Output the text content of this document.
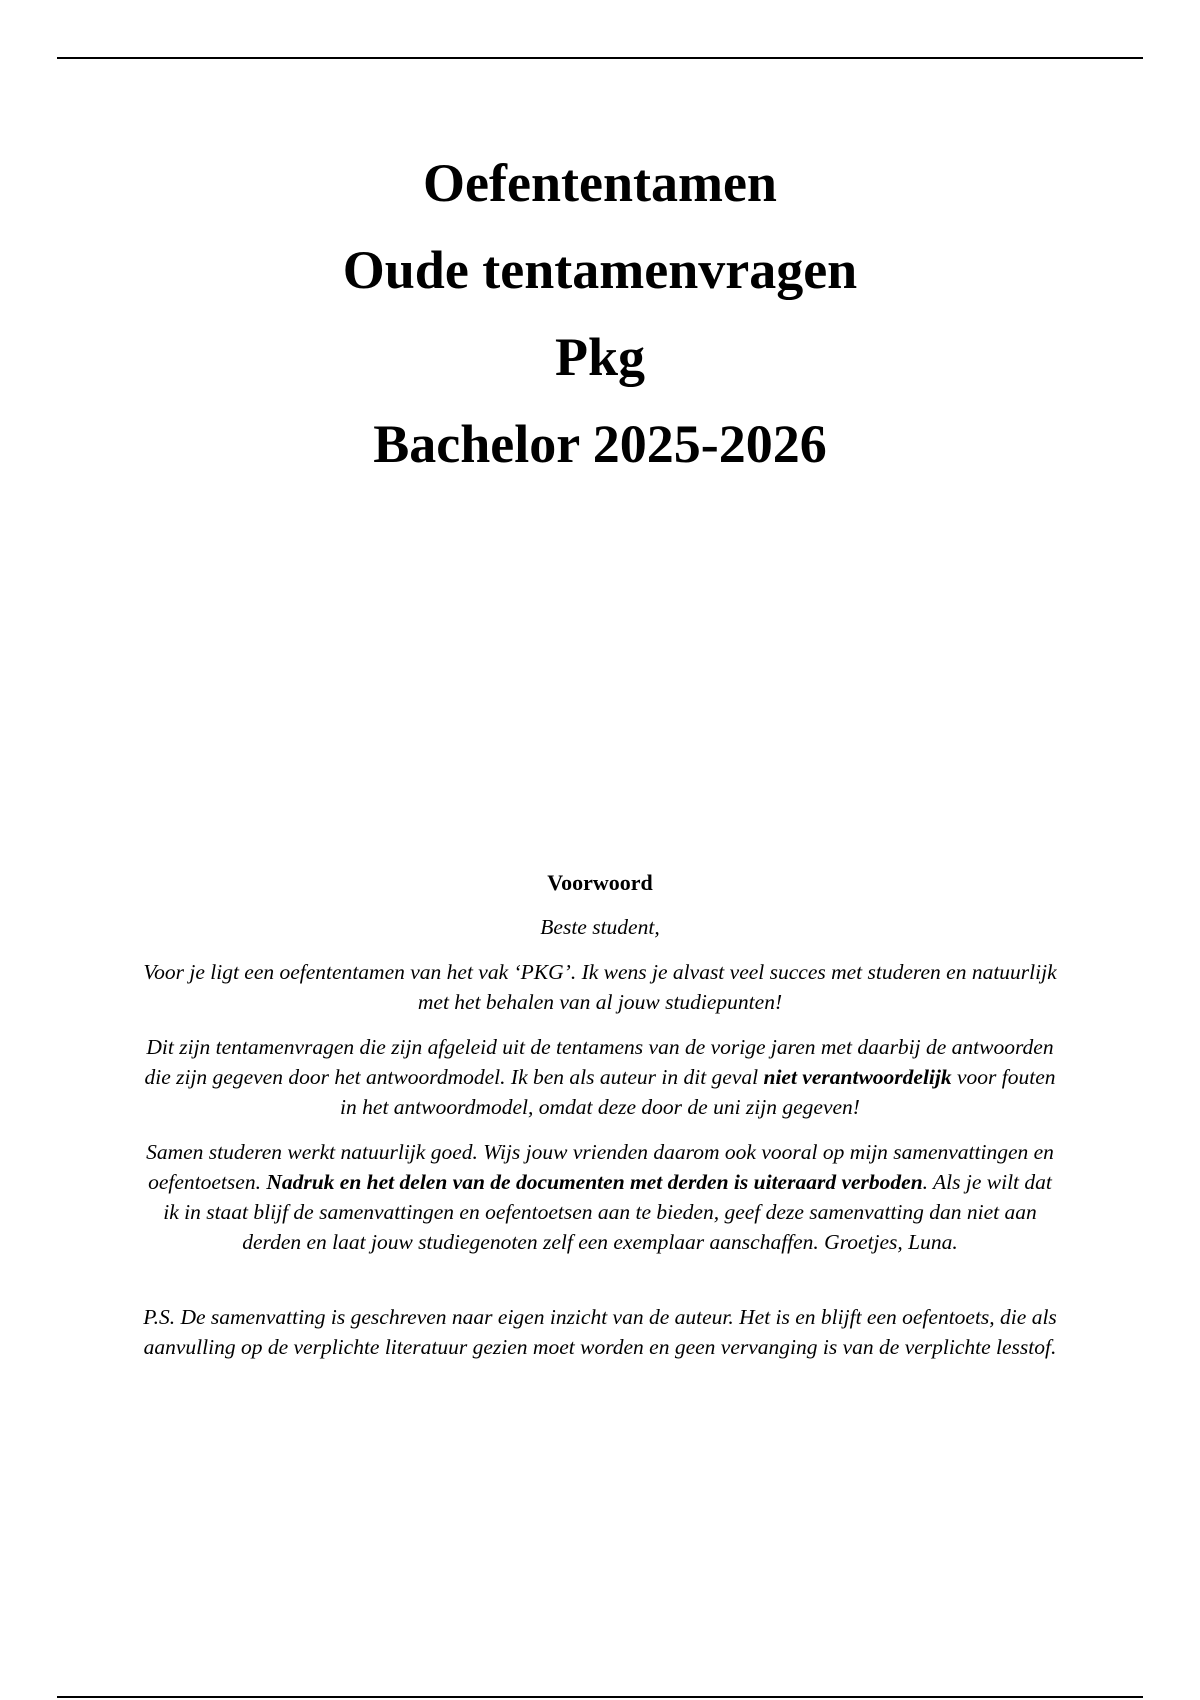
Oefententamen
Oude tentamenvragen
Pkg
Bachelor 2025-2026
Voorwoord

Beste student,

Voor je ligt een oefententamen van het vak ‘PKG’. Ik wens je alvast veel succes met studeren en natuurlijk met het behalen van al jouw studiepunten!

Dit zijn tentamenvragen die zijn afgeleid uit de tentamens van de vorige jaren met daarbij de antwoorden die zijn gegeven door het antwoordmodel. Ik ben als auteur in dit geval niet verantwoordelijk voor fouten in het antwoordmodel, omdat deze door de uni zijn gegeven!

Samen studeren werkt natuurlijk goed. Wijs jouw vrienden daarom ook vooral op mijn samenvattingen en oefentoetsen. Nadruk en het delen van de documenten met derden is uiteraard verboden. Als je wilt dat ik in staat blijf de samenvattingen en oefentoetsen aan te bieden, geef deze samenvatting dan niet aan derden en laat jouw studiegenoten zelf een exemplaar aanschaffen. Groetjes, Luna.

P.S. De samenvatting is geschreven naar eigen inzicht van de auteur. Het is en blijft een oefentoets, die als aanvulling op de verplichte literatuur gezien moet worden en geen vervanging is van de verplichte lesstof.
